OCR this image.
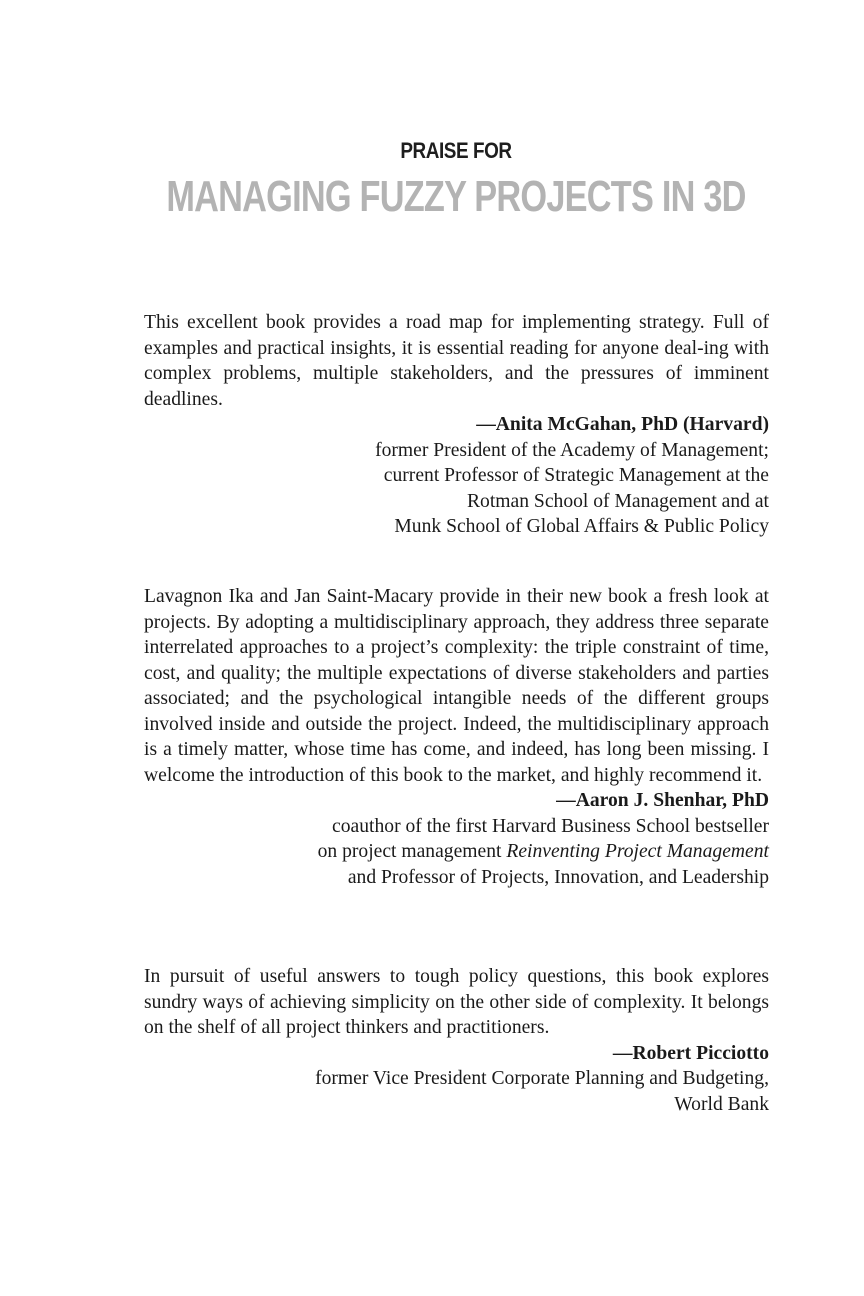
PRAISE FOR
MANAGING FUZZY PROJECTS IN 3D

This excellent book provides a road map for implementing strategy. Full of examples and practical insights, it is essential reading for anyone deal-ing with complex problems, multiple stakeholders, and the pressures of imminent deadlines.

—Anita McGahan, PhD (Harvard)
former President of the Academy of Management;
current Professor of Strategic Management at the
Rotman School of Management and at
Munk School of Global Affairs & Public Policy

Lavagnon Ika and Jan Saint-Macary provide in their new book a fresh look at projects. By adopting a multidisciplinary approach, they address three separate interrelated approaches to a project’s complexity: the triple constraint of time, cost, and quality; the multiple expectations of diverse stakeholders and parties associated; and the psychological intangible needs of the different groups involved inside and outside the project. Indeed, the multidisciplinary approach is a timely matter, whose time has come, and indeed, has long been missing. I welcome the introduction of this book to the market, and highly recommend it.

—Aaron J. Shenhar, PhD
coauthor of the first Harvard Business School bestseller
on project management Reinventing Project Management
and Professor of Projects, Innovation, and Leadership

In pursuit of useful answers to tough policy questions, this book explores sundry ways of achieving simplicity on the other side of complexity. It belongs on the shelf of all project thinkers and practitioners.

—Robert Picciotto
former Vice President Corporate Planning and Budgeting,
World Bank
